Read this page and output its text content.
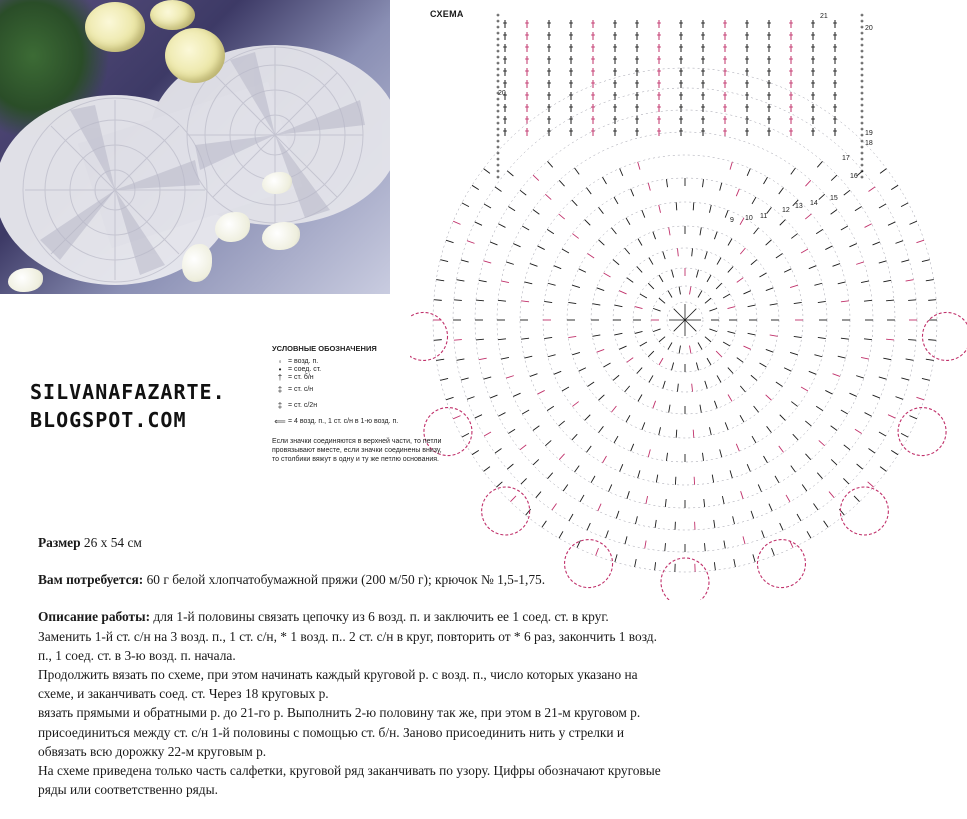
СХЕМА	21
20
19
18
17
16
15
14
13
12
11
10
9
20
SILVANAFAZARTE.
BLOGSPOT.COM
УСЛОВНЫЕ ОБОЗНАЧЕНИЯ
◦ = возд. п.
• = соед. ст.
† = ст. б/н
‡ = ст. с/н
‡ = ст. с/2н
⟸ = 4 возд. п., 1 ст. с/н в 1-ю возд. п.
Если значки соединяются в верхней части, то петли провязывают вместе, если значки соединены внизу, то столбики вяжут в одну и ту же петлю основания.

Размер 26 х 54 см

Вам потребуется: 60 г белой хлопчатобумажной пряжи (200 м/50 г); крючок № 1,5-1,75.

Описание работы: для 1-й половины связать цепочку из 6 возд. п. и заключить ее 1 соед. ст. в круг.

Заменить 1-й ст. с/н на 3 возд. п., 1 ст. с/н, * 1 возд. п.. 2 ст. с/н в круг, повторить от * 6 раз, закончить 1 возд.

п., 1 соед. ст. в 3-ю возд. п. начала.

Продолжить вязать по схеме, при этом начинать каждый круговой р. с возд. п., число которых указано на

схеме, и заканчивать соед. ст. Через 18 круговых р.

вязать прямыми и обратными р. до 21-го р. Выполнить 2-ю половину так же, при этом в 21-м круговом р.

присоединиться между ст. с/н 1-й половины с помощью ст. б/н. Заново присоединить нить у стрелки и

обвязать всю дорожку 22-м круговым р.

На схеме приведена только часть салфетки, круговой ряд заканчивать по узору. Цифры обозначают круговые

ряды или соответственно ряды.
